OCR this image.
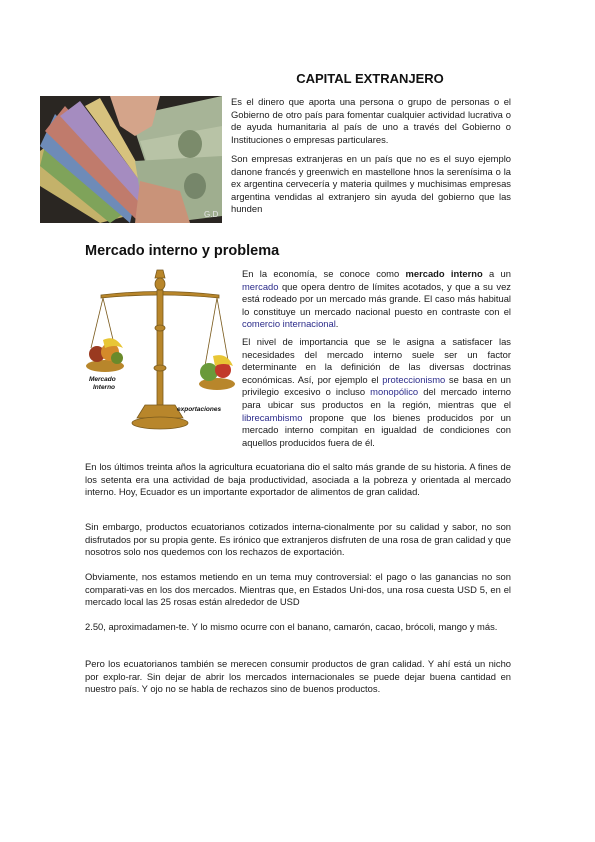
CAPITAL EXTRANJERO
G.D

Es el dinero que aporta una persona o grupo de personas o el Gobierno de otro país para fomentar cualquier actividad lucrativa o de ayuda humanitaria al país de uno a través del Gobierno o Instituciones o empresas particulares.

Son empresas extranjeras en un país que no es el suyo ejemplo danone francés y greenwich en mastellone hnos la serenísima o la ex argentina cervecería y materia quilmes y muchisimas empresas argentina vendidas al extranjero sin ayuda del gobierno que las hunden

Mercado interno y problema
Mercado
Interno
exportaciones

En la economía, se conoce como mercado interno a un mercado que opera dentro de límites acotados, y que a su vez está rodeado por un mercado más grande. El caso más habitual lo constituye un mercado nacional puesto en contraste con el comercio internacional.

El nivel de importancia que se le asigna a satisfacer las necesidades del mercado interno suele ser un factor determinante en la definición de las diversas doctrinas económicas. Así, por ejemplo el proteccionismo se basa en un privilegio excesivo o incluso monopólico del mercado interno para ubicar sus productos en la región, mientras que el librecambismo propone que los bienes producidos por un mercado interno compitan en igualdad de condiciones con aquellos producidos fuera de él.

En los últimos treinta años la agricultura ecuatoriana dio el salto más grande de su historia. A fines de los setenta era una actividad de baja productividad, asociada a la pobreza y orientada al mercado interno. Hoy, Ecuador es un importante exportador de alimentos de gran calidad.

Sin embargo, productos ecuatorianos cotizados interna-cionalmente por su calidad y sabor, no son disfrutados por su propia gente. Es irónico que extranjeros disfruten de una rosa de gran calidad y que nosotros solo nos quedemos con los rechazos de exportación.

Obviamente, nos estamos metiendo en un tema muy controversial: el pago o las ganancias no son comparati-vas en los dos mercados. Mientras que, en Estados Uni-dos, una rosa cuesta USD 5, en el mercado local las 25 rosas están alrededor de USD

2.50, aproximadamen-te. Y lo mismo ocurre con el banano, camarón, cacao, brócoli, mango y más.

Pero los ecuatorianos también se merecen consumir productos de gran calidad. Y ahí está un nicho por explo-rar. Sin dejar de abrir los mercados internacionales se puede dejar buena cantidad en nuestro país. Y ojo no se habla de rechazos sino de buenos productos.
